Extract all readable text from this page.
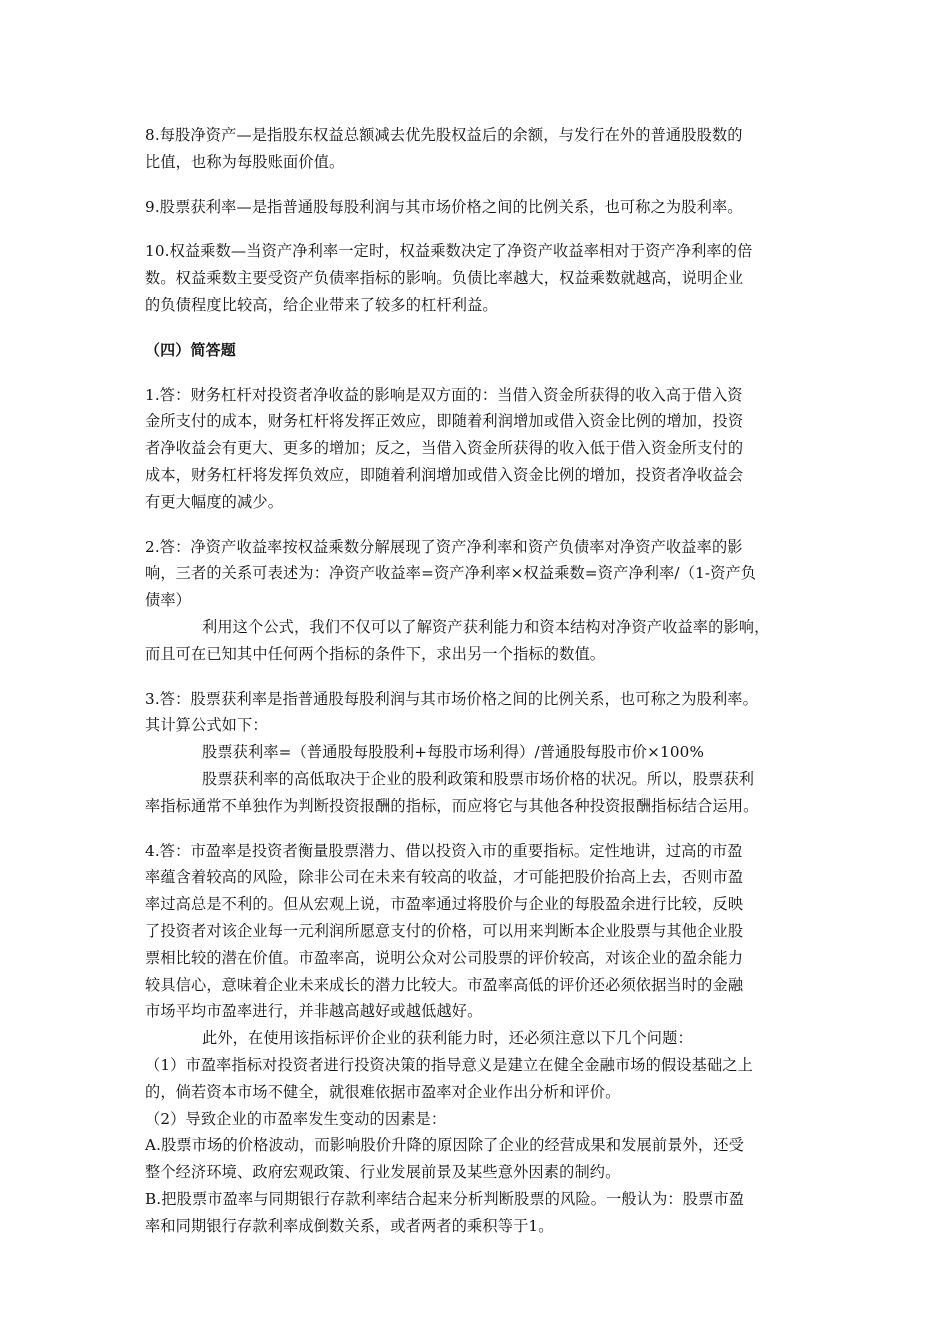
8.每股净资产—是指股东权益总额减去优先股权益后的余额，与发行在外的普通股股数的
比值，也称为每股账面价值。
9.股票获利率—是指普通股每股利润与其市场价格之间的比例关系，也可称之为股利率。
10.权益乘数—当资产净利率一定时，权益乘数决定了净资产收益率相对于资产净利率的倍
数。权益乘数主要受资产负债率指标的影响。负债比率越大，权益乘数就越高，说明企业
的负债程度比较高，给企业带来了较多的杠杆利益。
（四）简答题
1.答：财务杠杆对投资者净收益的影响是双方面的：当借入资金所获得的收入高于借入资
金所支付的成本，财务杠杆将发挥正效应，即随着利润增加或借入资金比例的增加，投资
者净收益会有更大、更多的增加；反之，当借入资金所获得的收入低于借入资金所支付的
成本，财务杠杆将发挥负效应，即随着利润增加或借入资金比例的增加，投资者净收益会
有更大幅度的减少。
2.答：净资产收益率按权益乘数分解展现了资产净利率和资产负债率对净资产收益率的影
响，三者的关系可表述为：净资产收益率=资产净利率×权益乘数=资产净利率/（1-资产负
债率）
利用这个公式，我们不仅可以了解资产获利能力和资本结构对净资产收益率的影响，
而且可在已知其中任何两个指标的条件下，求出另一个指标的数值。
3.答：股票获利率是指普通股每股利润与其市场价格之间的比例关系，也可称之为股利率。
其计算公式如下：
股票获利率=（普通股每股股利+每股市场利得）/普通股每股市价×100%
股票获利率的高低取决于企业的股利政策和股票市场价格的状况。所以，股票获利
率指标通常不单独作为判断投资报酬的指标，而应将它与其他各种投资报酬指标结合运用。
4.答：市盈率是投资者衡量股票潜力、借以投资入市的重要指标。定性地讲，过高的市盈
率蕴含着较高的风险，除非公司在未来有较高的收益，才可能把股价抬高上去，否则市盈
率过高总是不利的。但从宏观上说，市盈率通过将股价与企业的每股盈余进行比较，反映
了投资者对该企业每一元利润所愿意支付的价格，可以用来判断本企业股票与其他企业股
票相比较的潜在价值。市盈率高，说明公众对公司股票的评价较高，对该企业的盈余能力
较具信心，意味着企业未来成长的潜力比较大。市盈率高低的评价还必须依据当时的金融
市场平均市盈率进行，并非越高越好或越低越好。
此外，在使用该指标评价企业的获利能力时，还必须注意以下几个问题：
（1）市盈率指标对投资者进行投资决策的指导意义是建立在健全金融市场的假设基础之上
的，倘若资本市场不健全，就很难依据市盈率对企业作出分析和评价。
（2）导致企业的市盈率发生变动的因素是：
A.股票市场的价格波动，而影响股价升降的原因除了企业的经营成果和发展前景外，还受
整个经济环境、政府宏观政策、行业发展前景及某些意外因素的制约。
B.把股票市盈率与同期银行存款利率结合起来分析判断股票的风险。一般认为：股票市盈
率和同期银行存款利率成倒数关系，或者两者的乘积等于1。
